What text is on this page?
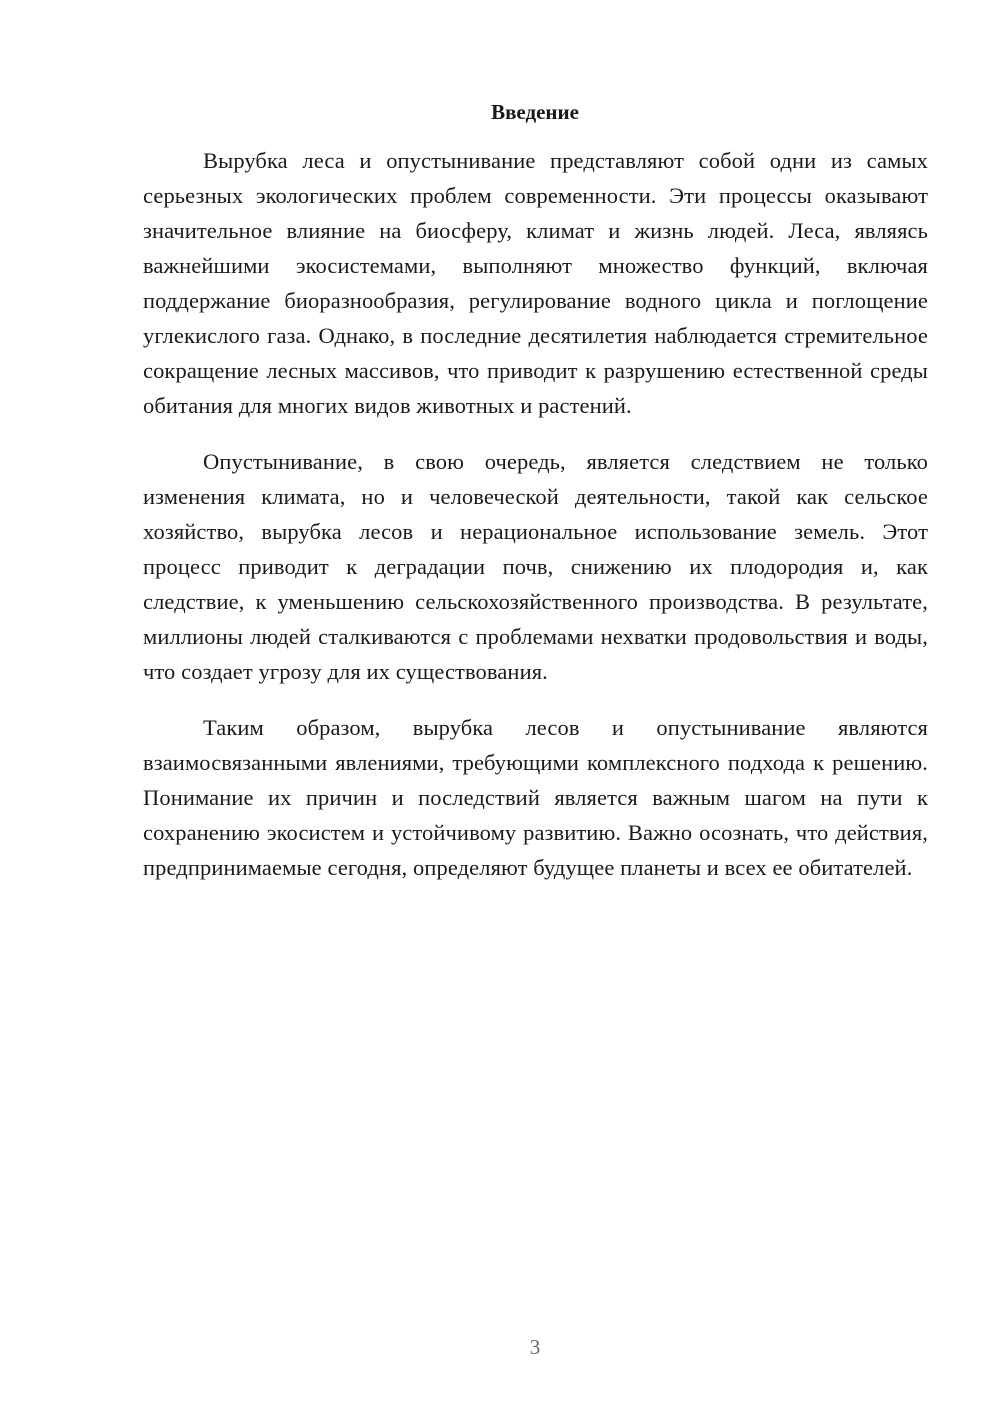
Введение

Вырубка леса и опустынивание представляют собой одни из самых серьезных экологических проблем современности. Эти процессы оказывают значительное влияние на биосферу, климат и жизнь людей. Леса, являясь важнейшими экосистемами, выполняют множество функций, включая поддержание биоразнообразия, регулирование водного цикла и поглощение углекислого газа. Однако, в последние десятилетия наблюдается стремительное сокращение лесных массивов, что приводит к разрушению естественной среды обитания для многих видов животных и растений.

Опустынивание, в свою очередь, является следствием не только изменения климата, но и человеческой деятельности, такой как сельское хозяйство, вырубка лесов и нерациональное использование земель. Этот процесс приводит к деградации почв, снижению их плодородия и, как следствие, к уменьшению сельскохозяйственного производства. В результате, миллионы людей сталкиваются с проблемами нехватки продовольствия и воды, что создает угрозу для их существования.

Таким образом, вырубка лесов и опустынивание являются взаимосвязанными явлениями, требующими комплексного подхода к решению. Понимание их причин и последствий является важным шагом на пути к сохранению экосистем и устойчивому развитию. Важно осознать, что действия, предпринимаемые сегодня, определяют будущее планеты и всех ее обитателей.

3
